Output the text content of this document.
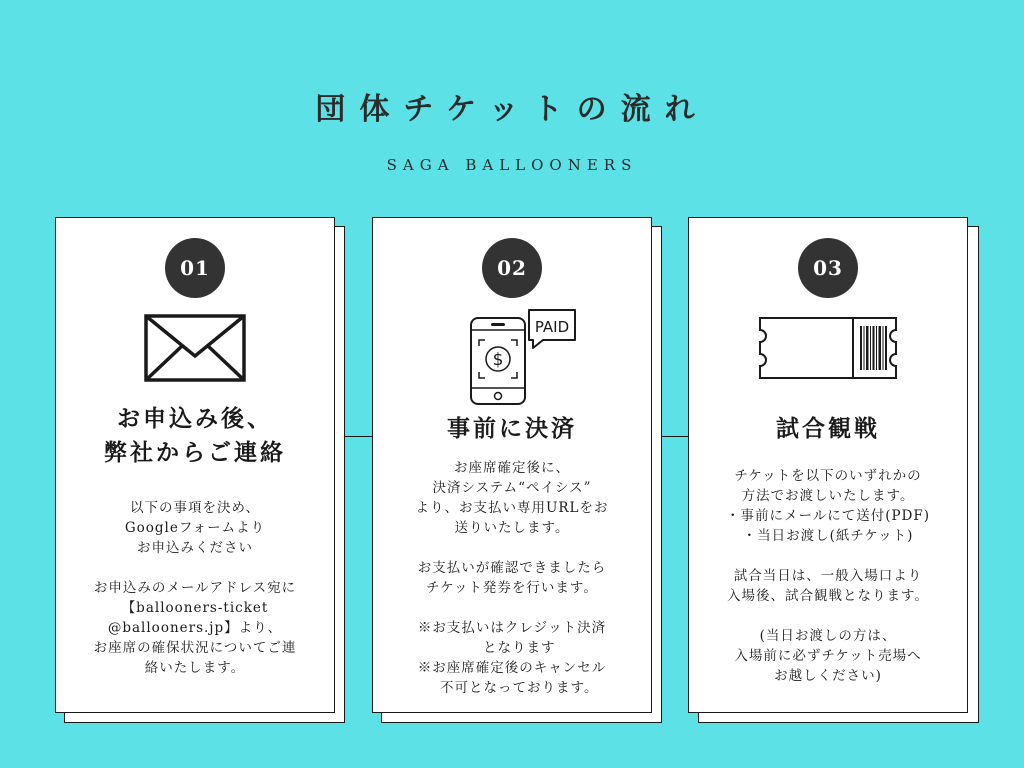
団体チケットの流れ
SAGA BALLOONERS
01
お申込み後、
弊社からご連絡
以下の事項を決め、
Googleフォームより
お申込みください
お申込みのメールアドレス宛に
【ballooners-ticket
@ballooners.jp】より、
お座席の確保状況についてご連
絡いたします。
02
$
PAID
事前に決済
お座席確定後に、
決済システム“ペイシス”
より、お支払い専用URLをお
送りいたします。
お支払いが確認できましたら
チケット発券を行います。
※お支払いはクレジット決済
　となります
※お座席確定後のキャンセル
　不可となっております。
03
試合観戦
チケットを以下のいずれかの
方法でお渡しいたします。
・事前にメールにて送付(PDF)
・当日お渡し(紙チケット)
試合当日は、一般入場口より
入場後、試合観戦となります。
(当日お渡しの方は、
入場前に必ずチケット売場へ
お越しください)
